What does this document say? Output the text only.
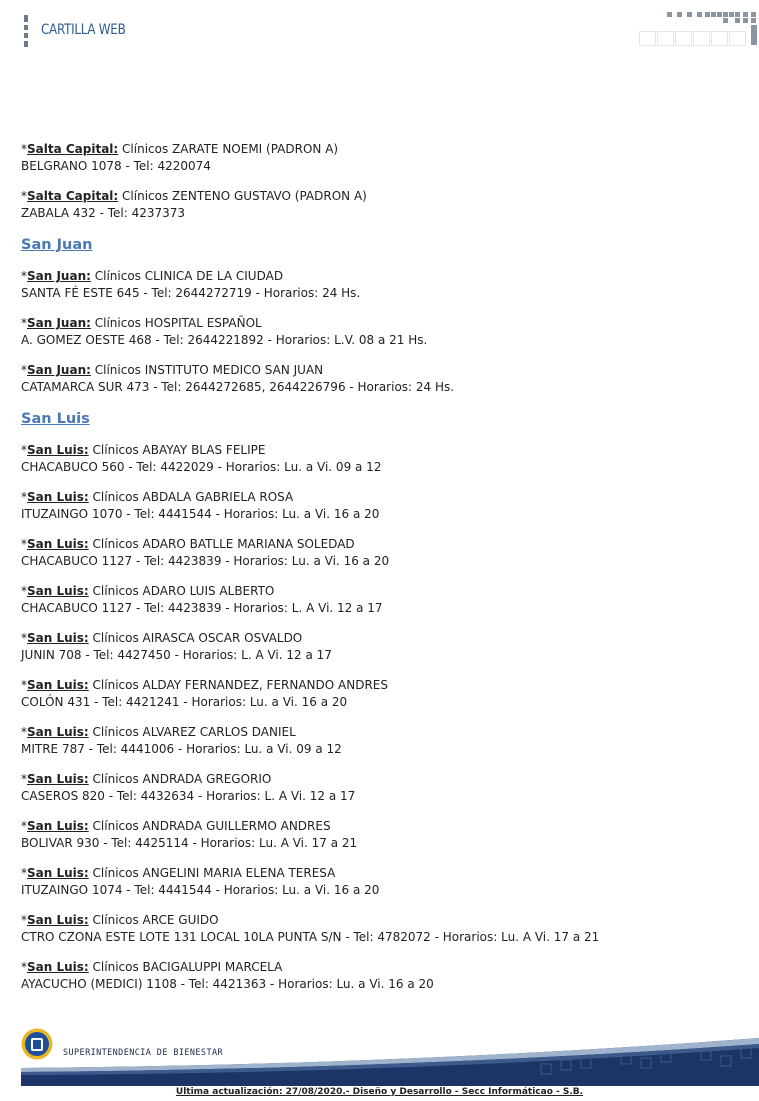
CARTILLA WEB
*Salta Capital: Clínicos ZARATE NOEMI (PADRON A)
BELGRANO 1078 - Tel: 4220074
*Salta Capital: Clínicos ZENTENO GUSTAVO (PADRON A)
ZABALA 432 - Tel: 4237373
San Juan
*San Juan: Clínicos CLINICA DE LA CIUDAD
SANTA FÉ ESTE 645 - Tel: 2644272719 - Horarios: 24 Hs.
*San Juan: Clínicos HOSPITAL ESPAÑOL
A. GOMEZ OESTE 468 - Tel: 2644221892 - Horarios: L.V. 08 a 21 Hs.
*San Juan: Clínicos INSTITUTO MEDICO SAN JUAN
CATAMARCA SUR 473 - Tel: 2644272685, 2644226796 - Horarios: 24 Hs.
San Luis
*San Luis: Clínicos ABAYAY BLAS FELIPE
CHACABUCO 560 - Tel: 4422029 - Horarios: Lu. a Vi. 09 a 12
*San Luis: Clínicos ABDALA GABRIELA ROSA
ITUZAINGO 1070 - Tel: 4441544 - Horarios: Lu. a Vi. 16 a 20
*San Luis: Clínicos ADARO BATLLE MARIANA SOLEDAD
CHACABUCO 1127 - Tel: 4423839 - Horarios: Lu. a Vi. 16 a 20
*San Luis: Clínicos ADARO LUIS ALBERTO
CHACABUCO 1127 - Tel: 4423839 - Horarios: L. A Vi. 12 a 17
*San Luis: Clínicos AIRASCA OSCAR OSVALDO
JUNIN 708 - Tel: 4427450 - Horarios: L. A Vi. 12 a 17
*San Luis: Clínicos ALDAY FERNANDEZ, FERNANDO ANDRES
COLÓN 431 - Tel: 4421241 - Horarios: Lu. a Vi. 16 a 20
*San Luis: Clínicos ALVAREZ CARLOS DANIEL
MITRE 787 - Tel: 4441006 - Horarios: Lu. a Vi. 09 a 12
*San Luis: Clínicos ANDRADA GREGORIO
CASEROS 820 - Tel: 4432634 - Horarios: L. A Vi. 12 a 17
*San Luis: Clínicos ANDRADA GUILLERMO ANDRES
BOLIVAR 930 - Tel: 4425114 - Horarios: Lu. A Vi. 17 a 21
*San Luis: Clínicos ANGELINI MARIA ELENA TERESA
ITUZAINGO 1074 - Tel: 4441544 - Horarios: Lu. a Vi. 16 a 20
*San Luis: Clínicos ARCE GUIDO
CTRO CZONA ESTE LOTE 131 LOCAL 10LA PUNTA S/N - Tel: 4782072 - Horarios: Lu. A Vi. 17 a 21
*San Luis: Clínicos BACIGALUPPI MARCELA
AYACUCHO (MEDICI) 1108 - Tel: 4421363 - Horarios: Lu. a Vi. 16 a 20
SUPERINTENDENCIA DE BIENESTAR
Ultima actualización: 27/08/2020.- Diseño y Desarrollo - Secc Informáticao - S.B.
